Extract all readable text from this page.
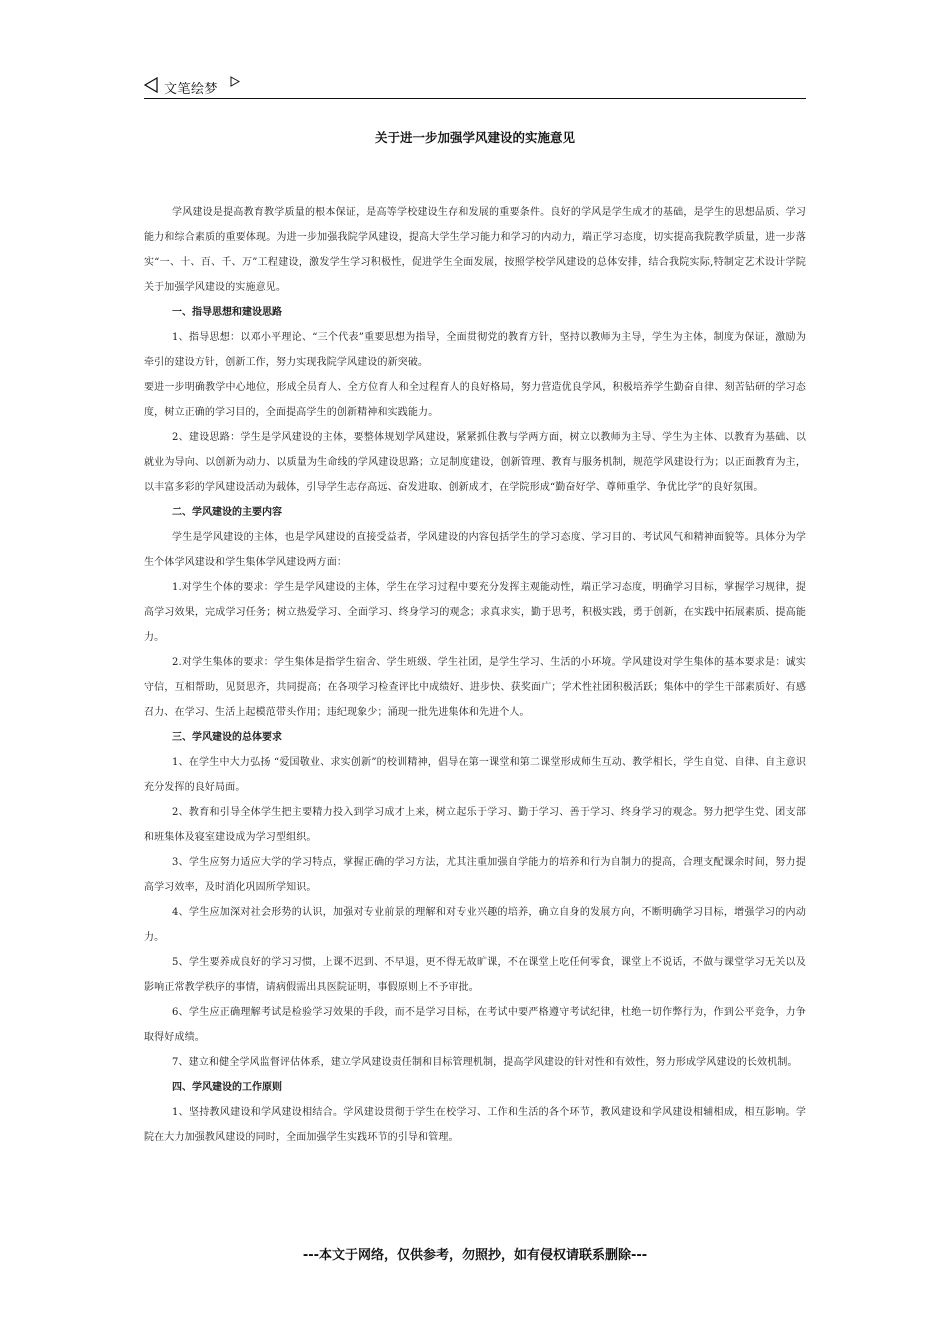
文笔绘梦
关于进一步加强学风建设的实施意见

学风建设是提高教育教学质量的根本保证，是高等学校建设生存和发展的重要条件。良好的学风是学生成才的基础，是学生的思想品质、学习能力和综合素质的重要体现。为进一步加强我院学风建设，提高大学生学习能力和学习的内动力，端正学习态度，切实提高我院教学质量，进一步落实“一、十、百、千、万”工程建设，激发学生学习积极性，促进学生全面发展，按照学校学风建设的总体安排，结合我院实际,特制定艺术设计学院关于加强学风建设的实施意见。

一、指导思想和建设思路

1、指导思想：以邓小平理论、“三个代表”重要思想为指导，全面贯彻党的教育方针，坚持以教师为主导，学生为主体，制度为保证，激励为牵引的建设方针，创新工作，努力实现我院学风建设的新突破。

要进一步明确教学中心地位，形成全员育人、全方位育人和全过程育人的良好格局，努力营造优良学风，积极培养学生勤奋自律、刻苦钻研的学习态度，树立正确的学习目的，全面提高学生的创新精神和实践能力。

2、建设思路：学生是学风建设的主体，要整体规划学风建设，紧紧抓住教与学两方面，树立以教师为主导、学生为主体、以教育为基础、以就业为导向、以创新为动力、以质量为生命线的学风建设思路；立足制度建设，创新管理、教育与服务机制，规范学风建设行为；以正面教育为主，以丰富多彩的学风建设活动为载体，引导学生志存高远、奋发进取、创新成才，在学院形成“勤奋好学、尊师重学、争优比学”的良好氛围。

二、学风建设的主要内容

学生是学风建设的主体，也是学风建设的直接受益者，学风建设的内容包括学生的学习态度、学习目的、考试风气和精神面貌等。具体分为学生个体学风建设和学生集体学风建设两方面：

1.对学生个体的要求：学生是学风建设的主体，学生在学习过程中要充分发挥主观能动性，端正学习态度，明确学习目标，掌握学习规律，提高学习效果，完成学习任务；树立热爱学习、全面学习、终身学习的观念；求真求实，勤于思考，积极实践，勇于创新，在实践中拓展素质、提高能力。

2.对学生集体的要求：学生集体是指学生宿舍、学生班级、学生社团，是学生学习、生活的小环境。学风建设对学生集体的基本要求是：诚实守信，互相帮助，见贤思齐，共同提高；在各项学习检查评比中成绩好、进步快、获奖面广；学术性社团积极活跃；集体中的学生干部素质好、有感召力、在学习、生活上起模范带头作用；违纪现象少；涌现一批先进集体和先进个人。

三、学风建设的总体要求

1、在学生中大力弘扬 “爱国敬业、求实创新”的校训精神，倡导在第一课堂和第二课堂形成师生互动、教学相长，学生自觉、自律、自主意识充分发挥的良好局面。

2、教育和引导全体学生把主要精力投入到学习成才上来，树立起乐于学习、勤于学习、善于学习、终身学习的观念。努力把学生党、团支部和班集体及寝室建设成为学习型组织。

3、学生应努力适应大学的学习特点，掌握正确的学习方法，尤其注重加强自学能力的培养和行为自制力的提高，合理支配课余时间，努力提高学习效率，及时消化巩固所学知识。

4、学生应加深对社会形势的认识，加强对专业前景的理解和对专业兴趣的培养，确立自身的发展方向，不断明确学习目标，增强学习的内动力。

5、学生要养成良好的学习习惯，上课不迟到、不早退，更不得无故旷课，不在课堂上吃任何零食，课堂上不说话，不做与课堂学习无关以及影响正常教学秩序的事情，请病假需出具医院证明，事假原则上不予审批。

6、学生应正确理解考试是检验学习效果的手段，而不是学习目标，在考试中要严格遵守考试纪律，杜绝一切作弊行为，作到公平竞争，力争取得好成绩。

7、建立和健全学风监督评估体系，建立学风建设责任制和目标管理机制，提高学风建设的针对性和有效性，努力形成学风建设的长效机制。

四、学风建设的工作原则

1、坚持教风建设和学风建设相结合。学风建设贯彻于学生在校学习、工作和生活的各个环节，教风建设和学风建设相辅相成，相互影响。学院在大力加强教风建设的同时，全面加强学生实践环节的引导和管理。

---本文于网络，仅供参考，勿照抄，如有侵权请联系删除---
